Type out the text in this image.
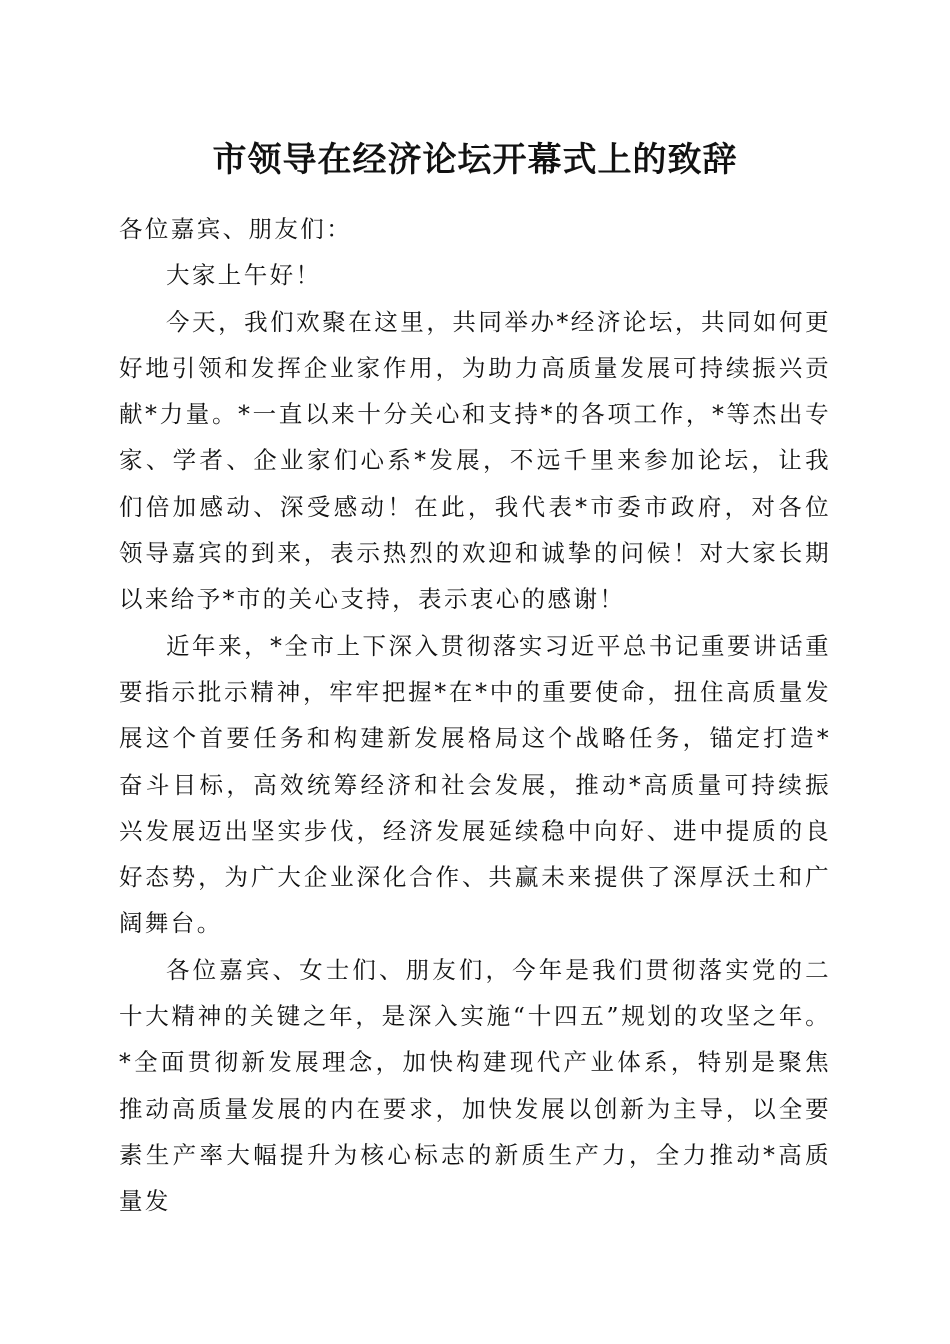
市领导在经济论坛开幕式上的致辞

各位嘉宾、朋友们：

大家上午好！

今天，我们欢聚在这里，共同举办*经济论坛，共同如何更好地引领和发挥企业家作用，为助力高质量发展可持续振兴贡献*力量。*一直以来十分关心和支持*的各项工作，*等杰出专家、学者、企业家们心系*发展，不远千里来参加论坛，让我们倍加感动、深受感动！在此，我代表*市委市政府，对各位领导嘉宾的到来，表示热烈的欢迎和诚挚的问候！对大家长期以来给予*市的关心支持，表示衷心的感谢！

近年来，*全市上下深入贯彻落实习近平总书记重要讲话重要指示批示精神，牢牢把握*在*中的重要使命，扭住高质量发展这个首要任务和构建新发展格局这个战略任务，锚定打造*奋斗目标，高效统筹经济和社会发展，推动*高质量可持续振兴发展迈出坚实步伐，经济发展延续稳中向好、进中提质的良好态势，为广大企业深化合作、共赢未来提供了深厚沃土和广阔舞台。

各位嘉宾、女士们、朋友们，今年是我们贯彻落实党的二十大精神的关键之年，是深入实施“十四五”规划的攻坚之年。*全面贯彻新发展理念，加快构建现代产业体系，特别是聚焦推动高质量发展的内在要求，加快发展以创新为主导，以全要素生产率大幅提升为核心标志的新质生产力，全力推动*高质量发
